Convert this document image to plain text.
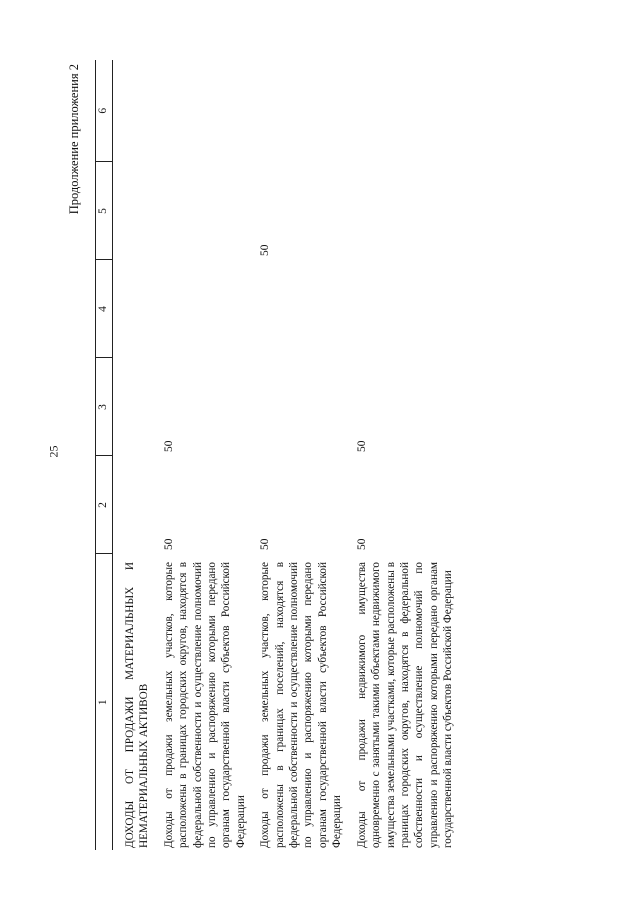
25
Продолжение приложения 2
1	2	3	4	5	6
ДОХОДЫ ОТ ПРОДАЖИ МАТЕРИАЛЬНЫХ И НЕМАТЕРИАЛЬНЫХ АКТИВОВ					
Доходы от продажи земельных участков, которые расположены в границах городских округов, находятся в федеральной собственности и осуществление полномочий по управлению и распоряжению которыми передано органам государственной власти субъектов Российской Федерации	50	50			
Доходы от продажи земельных участков, которые расположены в границах поселений, находятся в федеральной собственности и осуществление полномочий по управлению и распоряжению которыми передано органам государственной власти субъектов Российской Федерации	50			50	
Доходы от продажи недвижимого имущества одновременно с занятыми такими объектами недвижимого имущества земельными участками, которые расположены в границах городских округов, находятся в федеральной собственности и осуществление полномочий по управлению и распоряжению которыми передано органам государственной власти субъектов Российской Федерации	50	50			
